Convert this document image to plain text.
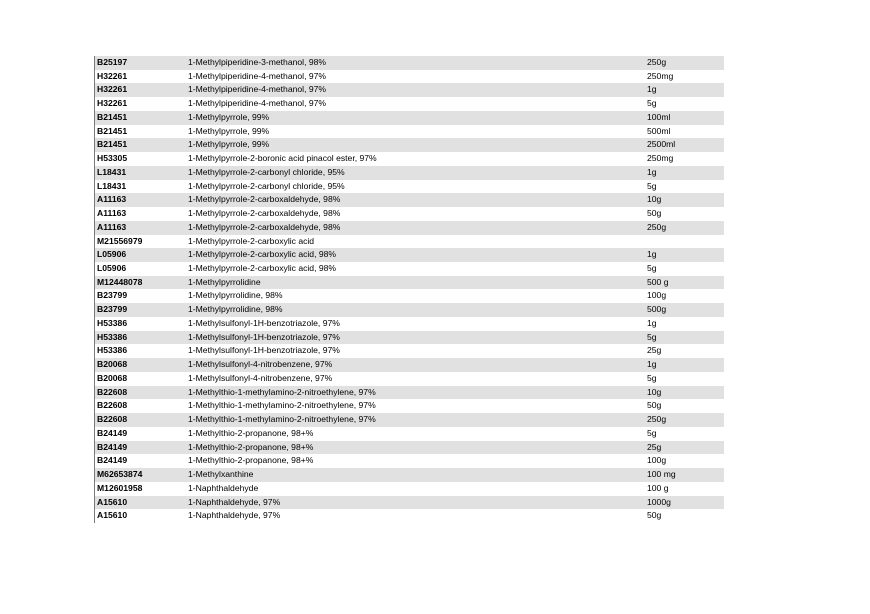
B25197	1-Methylpiperidine-3-methanol, 98%	250g
H32261	1-Methylpiperidine-4-methanol, 97%	250mg
H32261	1-Methylpiperidine-4-methanol, 97%	1g
H32261	1-Methylpiperidine-4-methanol, 97%	5g
B21451	1-Methylpyrrole, 99%	100ml
B21451	1-Methylpyrrole, 99%	500ml
B21451	1-Methylpyrrole, 99%	2500ml
H53305	1-Methylpyrrole-2-boronic acid pinacol ester, 97%	250mg
L18431	1-Methylpyrrole-2-carbonyl chloride, 95%	1g
L18431	1-Methylpyrrole-2-carbonyl chloride, 95%	5g
A11163	1-Methylpyrrole-2-carboxaldehyde, 98%	10g
A11163	1-Methylpyrrole-2-carboxaldehyde, 98%	50g
A11163	1-Methylpyrrole-2-carboxaldehyde, 98%	250g
M21556979	1-Methylpyrrole-2-carboxylic acid
L05906	1-Methylpyrrole-2-carboxylic acid, 98%	1g
L05906	1-Methylpyrrole-2-carboxylic acid, 98%	5g
M12448078	1-Methylpyrrolidine	500 g
B23799	1-Methylpyrrolidine, 98%	100g
B23799	1-Methylpyrrolidine, 98%	500g
H53386	1-Methylsulfonyl-1H-benzotriazole, 97%	1g
H53386	1-Methylsulfonyl-1H-benzotriazole, 97%	5g
H53386	1-Methylsulfonyl-1H-benzotriazole, 97%	25g
B20068	1-Methylsulfonyl-4-nitrobenzene, 97%	1g
B20068	1-Methylsulfonyl-4-nitrobenzene, 97%	5g
B22608	1-Methylthio-1-methylamino-2-nitroethylene, 97%	10g
B22608	1-Methylthio-1-methylamino-2-nitroethylene, 97%	50g
B22608	1-Methylthio-1-methylamino-2-nitroethylene, 97%	250g
B24149	1-Methylthio-2-propanone, 98+%	5g
B24149	1-Methylthio-2-propanone, 98+%	25g
B24149	1-Methylthio-2-propanone, 98+%	100g
M62653874	1-Methylxanthine	100 mg
M12601958	1-Naphthaldehyde	100 g
A15610	1-Naphthaldehyde, 97%	1000g
A15610	1-Naphthaldehyde, 97%	50g
